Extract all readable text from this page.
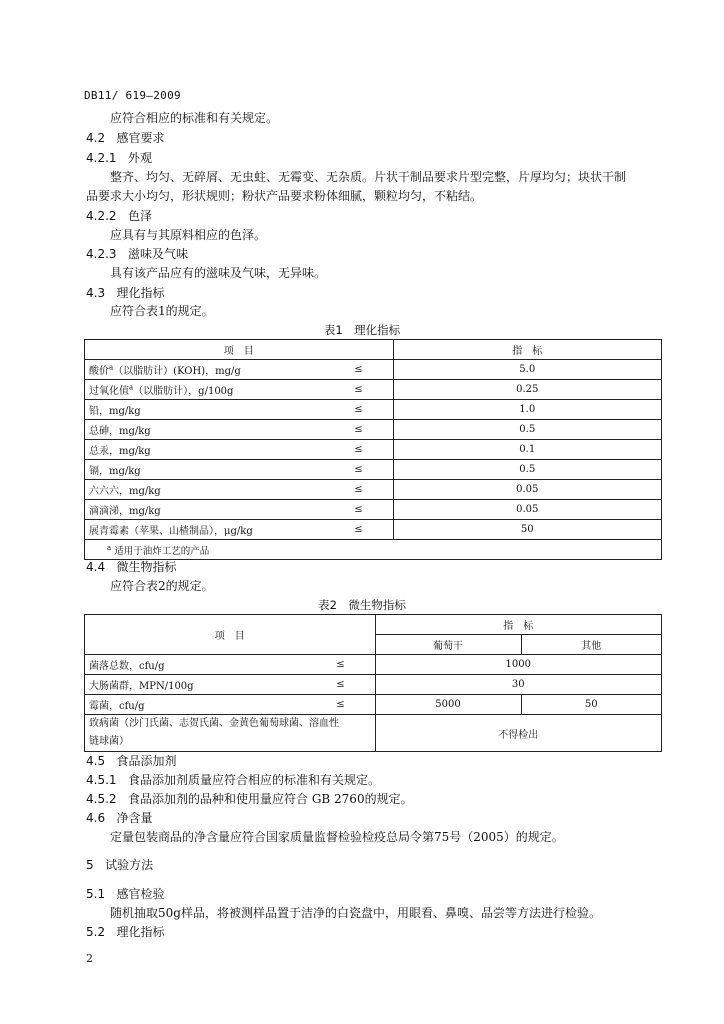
DB11/ 619—2009
应符合相应的标准和有关规定。
4.2 感官要求
4.2.1 外观
整齐、均匀、无碎屑、无虫蛀、无霉变、无杂质。片状干制品要求片型完整，片厚均匀；块状干制
品要求大小均匀，形状规则；粉状产品要求粉体细腻，颗粒均匀，不粘结。
4.2.2 色泽
应具有与其原料相应的色泽。
4.2.3 滋味及气味
具有该产品应有的滋味及气味，无异味。
4.3 理化指标
应符合表1的规定。
表1　理化指标
项　目		指　标
酸价$^a$（以脂肪计）(KOH)，mg/g	≤	5.0
过氧化值$^a$（以脂肪计），g/100g	≤	0.25
铅，mg/kg	≤	1.0
总砷，mg/kg	≤	0.5
总汞，mg/kg	≤	0.1
镉，mg/kg	≤	0.5
六六六，mg/kg	≤	0.05
滴滴涕，mg/kg	≤	0.05
展青霉素（苹果、山楂制品），μg/kg	≤	50
$^a$ 适用于油炸工艺的产品		
4.4 微生物指标
应符合表2的规定。
表2　微生物指标
项　目		指　标	
		葡萄干	其他
菌落总数，cfu/g	≤	1000	
大肠菌群，MPN/100g	≤	30	
霉菌，cfu/g	≤	5000	50

致病菌（沙门氏菌、志贺氏菌、金黄色葡萄球菌、溶血性
链球菌）		不得检出	
4.5 食品添加剂
4.5.1 食品添加剂质量应符合相应的标准和有关规定。
4.5.2 食品添加剂的品种和使用量应符合 GB 2760的规定。
4.6 净含量
定量包装商品的净含量应符合国家质量监督检验检疫总局令第75号（2005）的规定。
5 试验方法
5.1 感官检验
随机抽取50g样品，将被测样品置于洁净的白瓷盘中，用眼看、鼻嗅、品尝等方法进行检验。
5.2 理化指标
2
